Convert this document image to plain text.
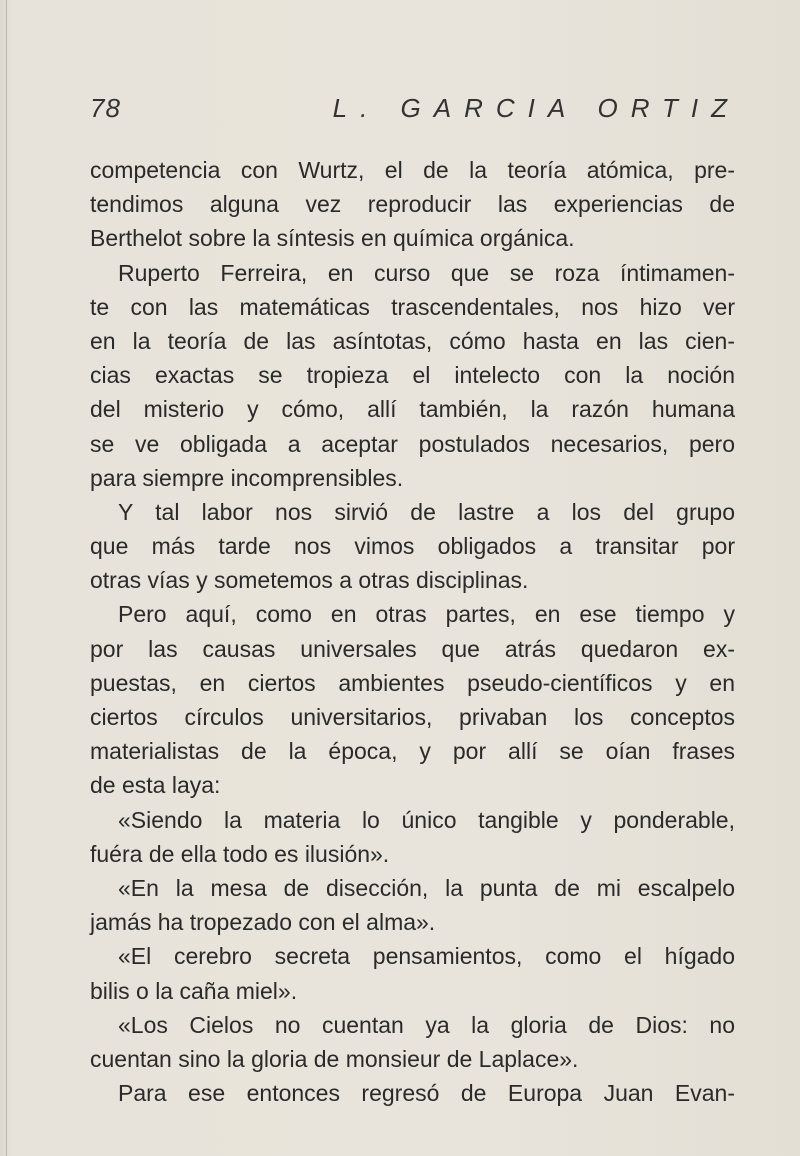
78	L. GARCIA ORTIZ
competencia con Wurtz, el de la teoría atómica, pre-
tendimos alguna vez reproducir las experiencias de
Berthelot sobre la síntesis en química orgánica.
Ruperto Ferreira, en curso que se roza íntimamen-
te con las matemáticas trascendentales, nos hizo ver
en la teoría de las asíntotas, cómo hasta en las cien-
cias exactas se tropieza el intelecto con la noción
del misterio y cómo, allí también, la razón humana
se ve obligada a aceptar postulados necesarios, pero
para siempre incomprensibles.
Y tal labor nos sirvió de lastre a los del grupo
que más tarde nos vimos obligados a transitar por
otras vías y sometemos a otras disciplinas.
Pero aquí, como en otras partes, en ese tiempo y
por las causas universales que atrás quedaron ex-
puestas, en ciertos ambientes pseudo-científicos y en
ciertos círculos universitarios, privaban los conceptos
materialistas de la época, y por allí se oían frases
de esta laya:
«Siendo la materia lo único tangible y ponderable,
fuéra de ella todo es ilusión».
«En la mesa de disección, la punta de mi escalpelo
jamás ha tropezado con el alma».
«El cerebro secreta pensamientos, como el hígado
bilis o la caña miel».
«Los Cielos no cuentan ya la gloria de Dios: no
cuentan sino la gloria de monsieur de Laplace».
Para ese entonces regresó de Europa Juan Evan-
